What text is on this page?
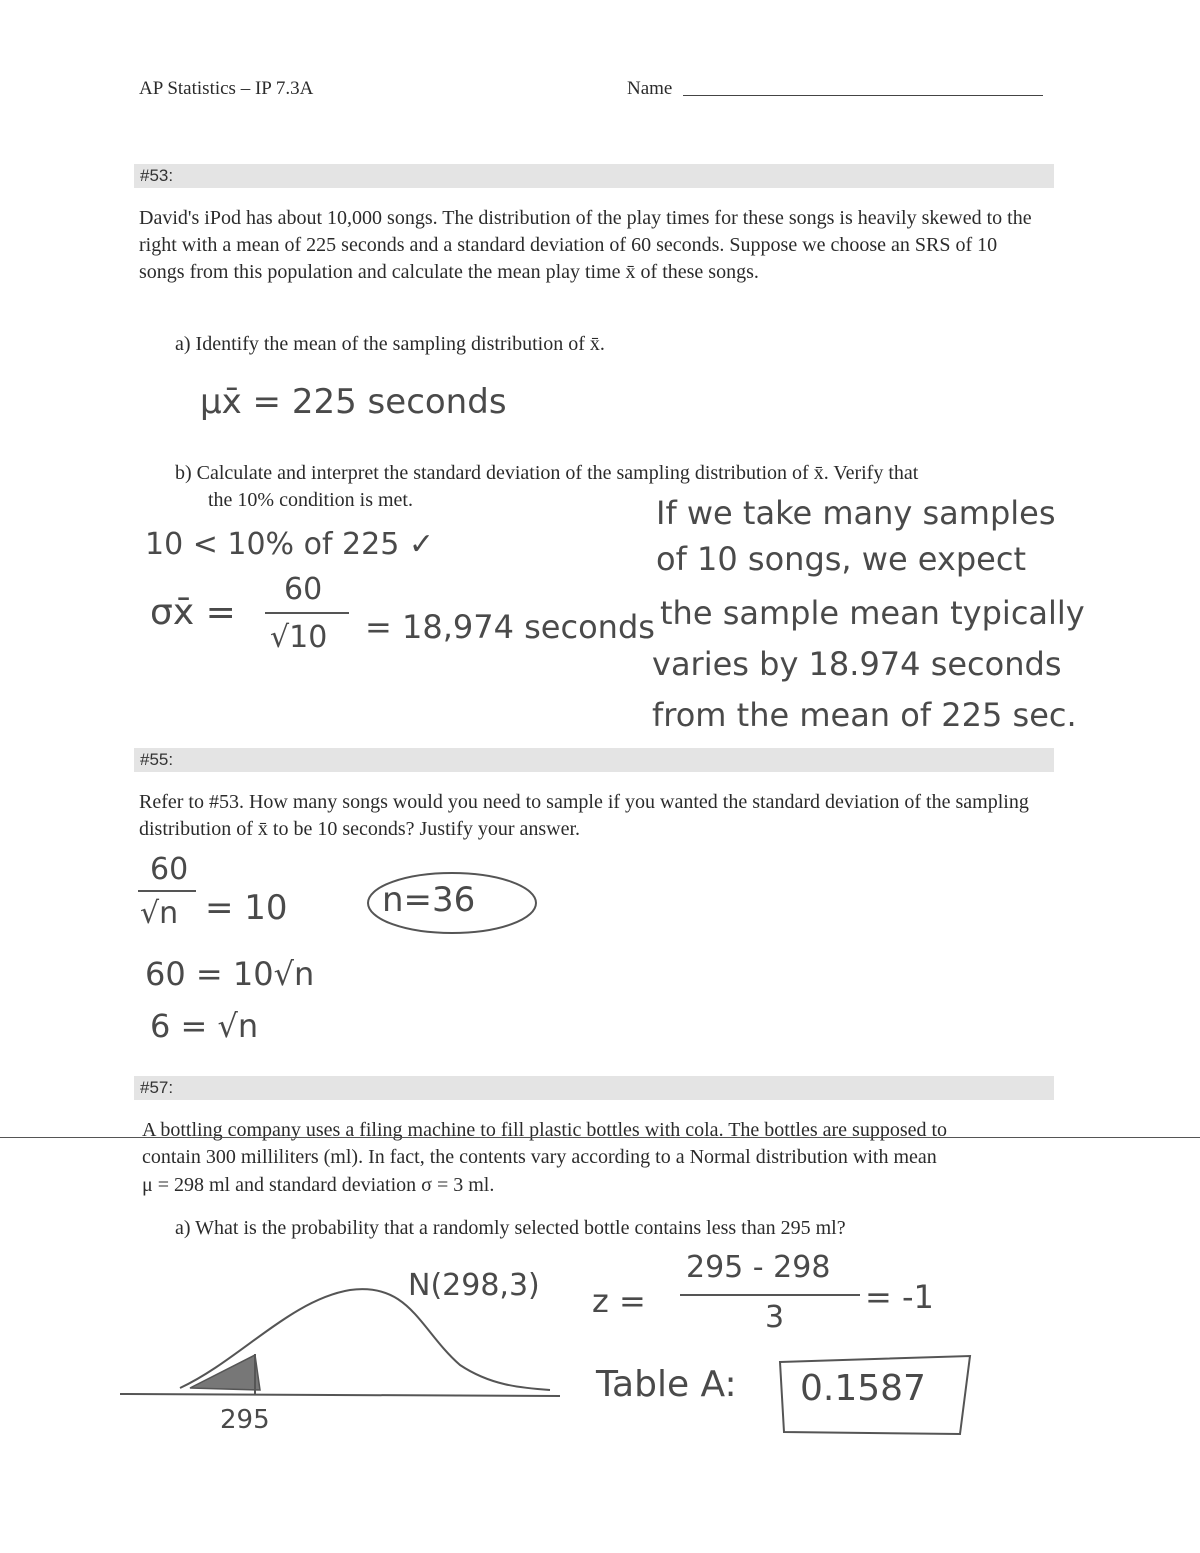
AP Statistics – IP 7.3A	Name
#53:
David's iPod has about 10,000 songs. The distribution of the play times for these songs is heavily skewed to the right with a mean of 225 seconds and a standard deviation of 60 seconds. Suppose we choose an SRS of 10 songs from this population and calculate the mean play time x̄ of these songs.
a) Identify the mean of the sampling distribution of x̄.
μx̄ = 225 seconds
b) Calculate and interpret the standard deviation of the sampling distribution of x̄. Verify that
the 10% condition is met.
10 < 10% of 225 ✓
σx̄ =
60
√10 = 18,974 seconds
If we take many samples
of 10 songs, we expect
the sample mean typically
varies by 18.974 seconds
from the mean of 225 sec.
#55:
Refer to #53. How many songs would you need to sample if you wanted the standard deviation of the sampling distribution of x̄ to be 10 seconds? Justify your answer.
60
√n = 10	n=36
60 = 10√n
6 = √n
#57:
A bottling company uses a filing machine to fill plastic bottles with cola. The bottles are supposed to
contain 300 milliliters (ml). In fact, the contents vary according to a Normal distribution with mean
μ = 298 ml and standard deviation σ = 3 ml.
a) What is the probability that a randomly selected bottle contains less than 295 ml?
295
N(298,3) z =
295 - 298
3
= -1
Table A: 0.1587
